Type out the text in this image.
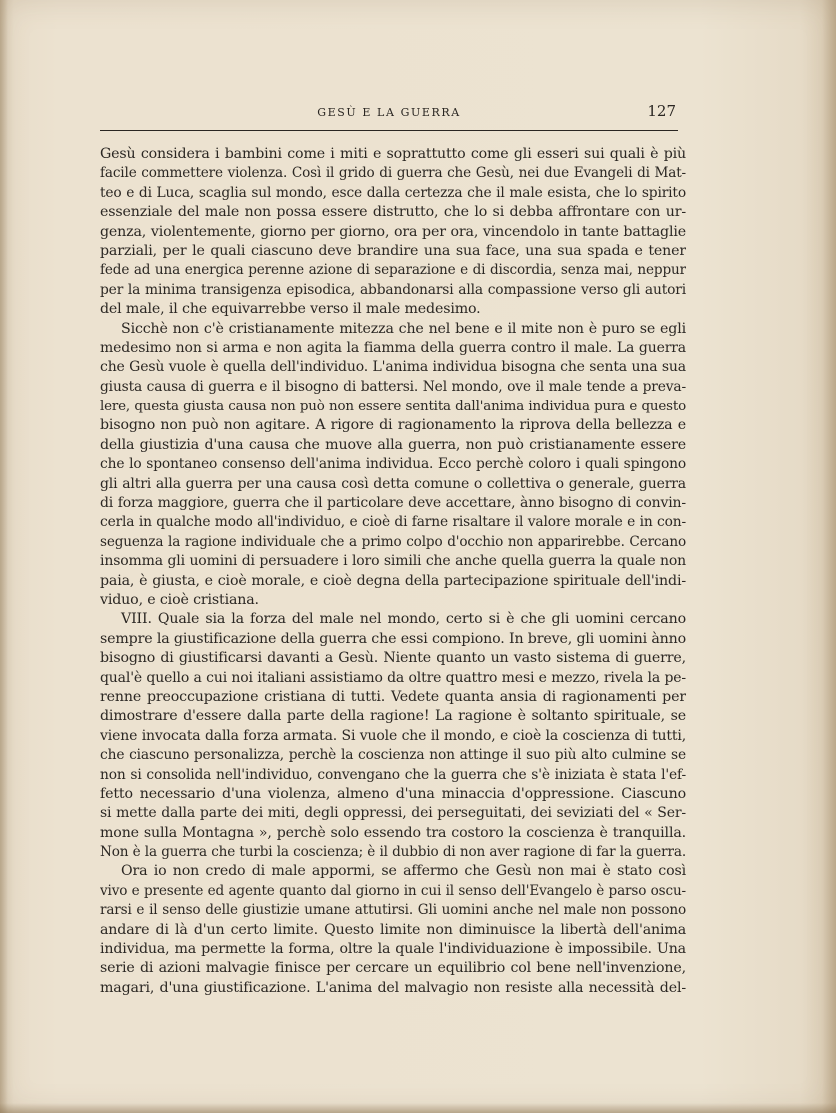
GESÙ E LA GUERRA	127
Gesù considera i bambini come i miti e soprattutto come gli esseri sui quali è più
facile commettere violenza. Così il grido di guerra che Gesù, nei due Evangeli di Mat-
teo e di Luca, scaglia sul mondo, esce dalla certezza che il male esista, che lo spirito
essenziale del male non possa essere distrutto, che lo si debba affrontare con ur-
genza, violentemente, giorno per giorno, ora per ora, vincendolo in tante battaglie
parziali, per le quali ciascuno deve brandire una sua face, una sua spada e tener
fede ad una energica perenne azione di separazione e di discordia, senza mai, neppur
per la minima transigenza episodica, abbandonarsi alla compassione verso gli autori
del male, il che equivarrebbe verso il male medesimo.
Sicchè non c'è cristianamente mitezza che nel bene e il mite non è puro se egli
medesimo non si arma e non agita la fiamma della guerra contro il male. La guerra
che Gesù vuole è quella dell'individuo. L'anima individua bisogna che senta una sua
giusta causa di guerra e il bisogno di battersi. Nel mondo, ove il male tende a preva-
lere, questa giusta causa non può non essere sentita dall'anima individua pura e questo
bisogno non può non agitare. A rigore di ragionamento la riprova della bellezza e
della giustizia d'una causa che muove alla guerra, non può cristianamente essere
che lo spontaneo consenso dell'anima individua. Ecco perchè coloro i quali spingono
gli altri alla guerra per una causa così detta comune o collettiva o generale, guerra
di forza maggiore, guerra che il particolare deve accettare, ànno bisogno di convin-
cerla in qualche modo all'individuo, e cioè di farne risaltare il valore morale e in con-
seguenza la ragione individuale che a primo colpo d'occhio non apparirebbe. Cercano
insomma gli uomini di persuadere i loro simili che anche quella guerra la quale non
paia, è giusta, e cioè morale, e cioè degna della partecipazione spirituale dell'indi-
viduo, e cioè cristiana.
VIII. Quale sia la forza del male nel mondo, certo si è che gli uomini cercano
sempre la giustificazione della guerra che essi compiono. In breve, gli uomini ànno
bisogno di giustificarsi davanti a Gesù. Niente quanto un vasto sistema di guerre,
qual'è quello a cui noi italiani assistiamo da oltre quattro mesi e mezzo, rivela la pe-
renne preoccupazione cristiana di tutti. Vedete quanta ansia di ragionamenti per
dimostrare d'essere dalla parte della ragione! La ragione è soltanto spirituale, se
viene invocata dalla forza armata. Si vuole che il mondo, e cioè la coscienza di tutti,
che ciascuno personalizza, perchè la coscienza non attinge il suo più alto culmine se
non si consolida nell'individuo, convengano che la guerra che s'è iniziata è stata l'ef-
fetto necessario d'una violenza, almeno d'una minaccia d'oppressione. Ciascuno
si mette dalla parte dei miti, degli oppressi, dei perseguitati, dei seviziati del « Ser-
mone sulla Montagna », perchè solo essendo tra costoro la coscienza è tranquilla.
Non è la guerra che turbi la coscienza; è il dubbio di non aver ragione di far la guerra.
Ora io non credo di male appormi, se affermo che Gesù non mai è stato così
vivo e presente ed agente quanto dal giorno in cui il senso dell'Evangelo è parso oscu-
rarsi e il senso delle giustizie umane attutirsi. Gli uomini anche nel male non possono
andare di là d'un certo limite. Questo limite non diminuisce la libertà dell'anima
individua, ma permette la forma, oltre la quale l'individuazione è impossibile. Una
serie di azioni malvagie finisce per cercare un equilibrio col bene nell'invenzione,
magari, d'una giustificazione. L'anima del malvagio non resiste alla necessità del-
